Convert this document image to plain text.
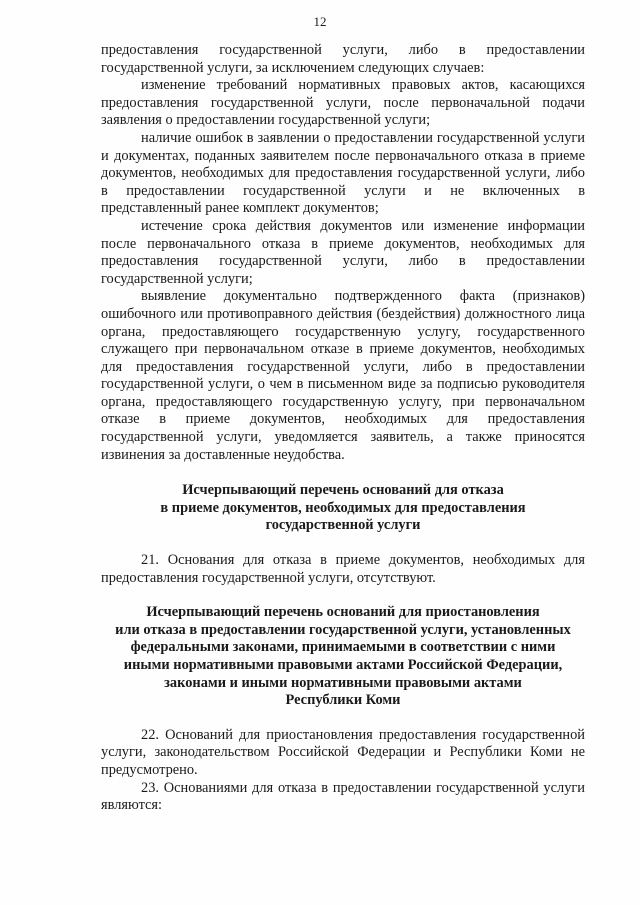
12

предоставления государственной услуги, либо в предоставлении государственной услуги, за исключением следующих случаев:

изменение требований нормативных правовых актов, касающихся предоставления государственной услуги, после первоначальной подачи заявления о предоставлении государственной услуги;

наличие ошибок в заявлении о предоставлении государственной услуги и документах, поданных заявителем после первоначального отказа в приеме документов, необходимых для предоставления государственной услуги, либо в предоставлении государственной услуги и не включенных в представленный ранее комплект документов;

истечение срока действия документов или изменение информации после первоначального отказа в приеме документов, необходимых для предоставления государственной услуги, либо в предоставлении государственной услуги;

выявление документально подтвержденного факта (признаков) ошибочного или противоправного действия (бездействия) должностного лица органа, предоставляющего государственную услугу, государственного служащего при первоначальном отказе в приеме документов, необходимых для предоставления государственной услуги, либо в предоставлении государственной услуги, о чем в письменном виде за подписью руководителя органа, предоставляющего государственную услугу, при первоначальном отказе в приеме документов, необходимых для предоставления государственной услуги, уведомляется заявитель, а также приносятся извинения за доставленные неудобства.

Исчерпывающий перечень оснований для отказа

в приеме документов, необходимых для предоставления

государственной услуги

21. Основания для отказа в приеме документов, необходимых для предоставления государственной услуги, отсутствуют.

Исчерпывающий перечень оснований для приостановления

или отказа в предоставлении государственной услуги, установленных

федеральными законами, принимаемыми в соответствии с ними

иными нормативными правовыми актами Российской Федерации,

законами и иными нормативными правовыми актами

Республики Коми

22. Оснований для приостановления предоставления государственной услуги, законодательством Российской Федерации и Республики Коми не предусмотрено.

23. Основаниями для отказа в предоставлении государственной услуги являются:
